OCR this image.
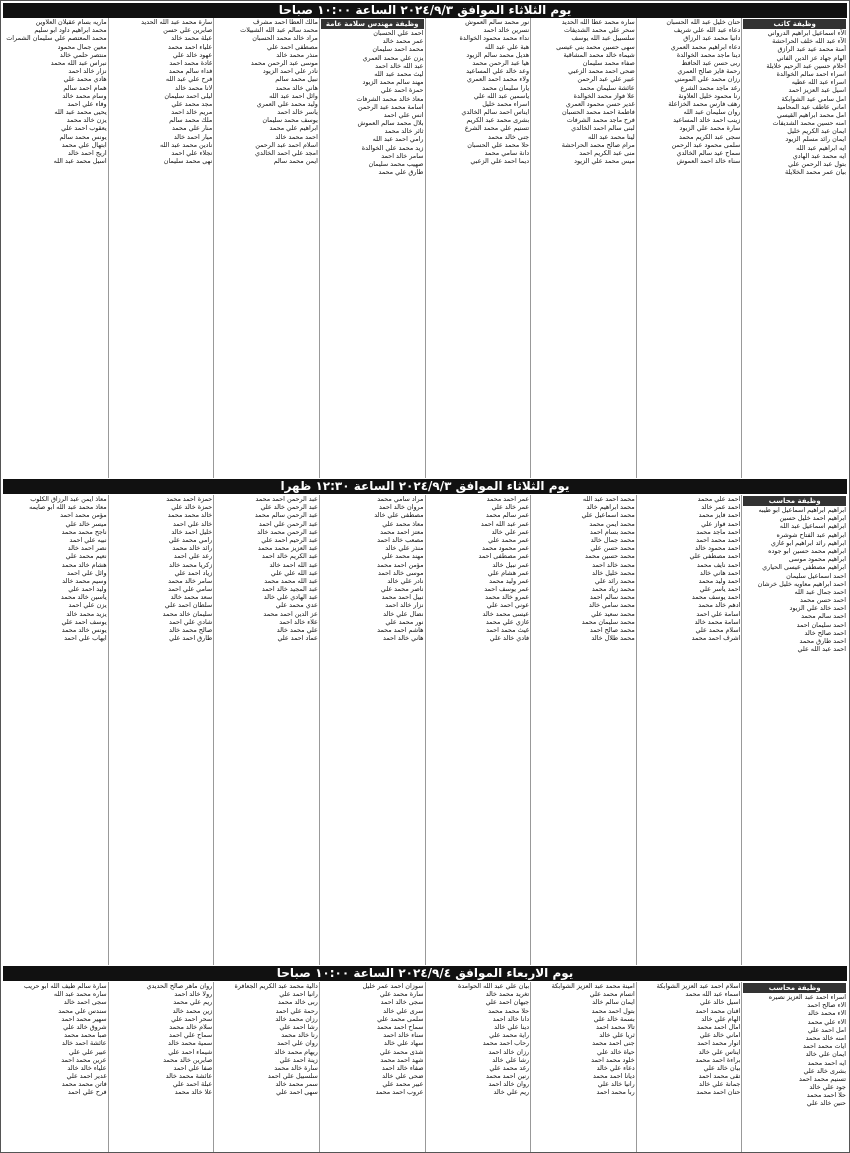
يوم الثلاثاء الموافق ٢٠٢٤/٩/٣ الساعة ١٠:٠٠ صباحا
وظيفة كاتب
الآء اسماعيل ابراهيم الدرواني
الآء عبد الله خلف الحراحشة
آمنة محمد عيد عبد الرازق
الهام جهاد عز الدين الفاني
احلام حسين عبد الرحيم خلايلة
اسراء احمد سالم الخوالدة
اسراء عبد الله عطيه
اسيل عبد العزيز احمد
امل سامي عيد الشوابكة
اماني عاطف عيد المحاميد
امل محمد ابراهيم القيسي
امنه حسين محمد الشديفات
ايمان عبد الكريم خليل
ايمان رائد مسلم الزيود
ايه ابراهيم عبد الله
ايه محمد عبد الهادي
بتول عبد الرحمن علي
بيان عمر محمد الخلايلة
حنان خليل عبد الله الحسبان
دعاء عبد الله علي شريف
دانيا محمد عبد الرزاق
دعاء ابراهيم محمد العمري
دينا ماجد محمد الخوالدة
ربى حسن عبد الحافظ
رحمة فايز صالح العمري
رزان محمد علي المومني
رغد ماجد محمد الشرع
رنا محمود خليل العلاونة
رهف فارس محمد الخزاعلة
روان سليمان عبد الله
زينب احمد خالد المساعيد
سارة محمد علي الزيود
سجى عبد الكريم محمد
سلمى محمود عبد الرحمن
سماح عيد سالم الخالدي
سناء خالد احمد العموش
ساره محمد عطا الله الحديد
سحر علي محمد الشديفات
سلسبيل عبد الله يوسف
سهى حسين محمد بني عيسى
شيماء خالد محمد المشاقبة
صفاء محمد سليمان
ضحى احمد محمد الزعبي
عبير علي عبد الرحمن
عائشة سليمان محمد
علا فواز محمد الخوالدة
غدير حسن محمود العمري
فاطمة احمد محمد الحسبان
فرح ماجد محمد الشرفات
لبنى سالم احمد الخالدي
لينا محمد عبد الله
مرام صالح محمد الحراحشة
منى عبد الكريم احمد
ميس محمد علي الزيود
نور محمد سالم العموش
نسرين خالد احمد
نداء محمد محمود الخوالدة
هبة علي عبد الله
هديل محمد سالم الزيود
هيا عبد الرحمن محمد
وعد خالد علي المساعيد
ولاء محمد احمد العمري
يارا سليمان محمد
ياسمين عبد الله علي
اسراء محمد خليل
ايناس احمد سالم الخالدي
بشرى محمد عبد الكريم
تسنيم علي محمد الشرع
جنى خالد محمد
حلا محمد علي الحسبان
دانة سامي محمد
ديما احمد علي الزعبي
وظيفة مهندس سلامة عامة
احمد علي الحسبان
عمر محمد خالد
محمد احمد سليمان
يزن علي محمد العمري
عبد الله خالد احمد
ليث محمد عبد الله
مهند سالم محمد الزيود
حمزة احمد علي
معاذ خالد محمد الشرفات
اسامة محمد عبد الرحمن
انس علي احمد
بلال محمد سالم العموش
ثائر خالد محمد
رامي احمد عبد الله
زيد محمد علي الخوالدة
سامر خالد احمد
صهيب محمد سليمان
طارق علي محمد
مالك العطا احمد مشرف
محمد سالم عبد الله الشبيلات
مراد خالد محمد الحسبان
مصطفى احمد علي
منذر محمد خالد
موسى عبد الرحمن محمد
نادر علي احمد الزيود
نبيل محمد سالم
هاني خالد محمد
وائل احمد عبد الله
وليد محمد علي العمري
ياسر خالد احمد
يوسف محمد سليمان
ابراهيم علي محمد
احمد محمد خالد
اسلام احمد عبد الرحمن
امجد علي احمد الخالدي
ايمن محمد سالم
سارة محمد عبد الله الحديد
صابرين علي حسن
عبلة محمد خالد
علياء احمد محمد
عهود خالد علي
غادة محمد احمد
فداء سالم محمد
فرح علي عبد الله
لانا محمد خالد
ليلى احمد سليمان
مجد محمد علي
مريم خالد احمد
ملك محمد سالم
منار علي محمد
ميار احمد خالد
نادين محمد عبد الله
نجلاء علي احمد
نهى محمد سليمان
ماريه بسام عقيلان العلاوين
محمد ابراهيم داود ابو سليم
محمد المعتصم علي سليمان الشمرات
معين جمال محمود
منتصر حلمي خالد
نبراس عبد الله محمد
نزار خالد احمد
هادي محمد علي
همام احمد سالم
وسام محمد خالد
وفاء علي احمد
يحيى محمد عبد الله
يزن خالد محمد
يعقوب احمد علي
يونس محمد سالم
ابتهال علي محمد
اريج احمد خالد
اسيل محمد عبد الله
يوم الثلاثاء الموافق ٢٠٢٤/٩/٣ الساعة ١٢:٣٠ ظهرا
وظيفة محاسب
ابراهيم ابراهيم اسماعيل ابو طيبه
ابراهيم احمد خليل حسين
ابراهيم اسماعيل عبد الله
ابراهيم عبد الفتاح شوشره
ابراهيم رائد ابراهيم ابو غازي
ابراهيم محمد حسين ابو جوده
ابراهيم محمود موسى
ابراهيم مصطفى عيسى الحياري
احمد اسماعيل سليمان
احمد ابراهيم معاويه خليل خرشان
احمد جمال عبد الله
احمد حسن محمد
احمد خالد علي الزيود
احمد سالم محمد
احمد سليمان احمد
احمد صالح خالد
احمد طارق محمد
احمد عبد الله علي
احمد علي محمد
احمد عمر خالد
احمد فايز محمد
احمد فواز علي
احمد ماجد محمد
احمد محمد احمد
احمد محمود خالد
احمد مصطفى علي
احمد نايف محمد
احمد هاني خالد
احمد وليد محمد
احمد ياسر علي
احمد يوسف محمد
ادهم خالد محمد
اسامة علي احمد
اسامة محمد خالد
اسلام محمد علي
اشرف احمد محمد
محمد احمد عبد الله
محمد ابراهيم خالد
محمد اسماعيل علي
محمد ايمن محمد
محمد بسام احمد
محمد جمال خالد
محمد حسن علي
محمد حسين محمد
محمد خالد احمد
محمد خليل خالد
محمد رائد علي
محمد زياد محمد
محمد سالم احمد
محمد سامي خالد
محمد سعيد علي
محمد سليمان محمد
محمد صالح احمد
محمد طلال خالد
عمر احمد محمد
عمر خالد علي
عمر سالم محمد
عمر عبد الله احمد
عمر علي خالد
عمر محمد علي
عمر محمود محمد
عمر مصطفى احمد
عمر نبيل خالد
عمر هشام علي
عمر وليد محمد
عمر يوسف احمد
عمرو خالد محمد
عوني احمد علي
عيسى محمد خالد
غازي علي محمد
غيث محمد احمد
فادي خالد علي
مراد سامي محمد
مروان خالد احمد
مصطفى علي خالد
معاذ محمد علي
معتز احمد محمد
مصعب خالد احمد
منذر علي خالد
مهند محمد علي
مؤمن احمد محمد
موسى خالد احمد
نادر علي خالد
ناصر محمد علي
نبيل احمد محمد
نزار خالد احمد
نضال علي خالد
نور محمد علي
هاشم احمد محمد
هاني خالد احمد
عبد الرحمن احمد محمد
عبد الرحمن خالد علي
عبد الرحمن سالم محمد
عبد الرحمن علي احمد
عبد الرحمن محمد خالد
عبد الرحيم احمد علي
عبد العزيز محمد محمد
عبد الكريم خالد احمد
عبد الله احمد خالد
عبد الله علي علي
عبد الله محمد محمد
عبد المجيد خالد احمد
عبد الهادي علي خالد
عدي محمد علي
عز الدين احمد محمد
علاء خالد احمد
علي محمد خالد
عماد احمد علي
حمزة احمد محمد
حمزة خالد علي
خالد محمد محمد
خالد علي احمد
خليل احمد خالد
رامي محمد علي
رائد خالد محمد
رعد علي احمد
زكريا محمد خالد
زياد احمد علي
سامر خالد محمد
سامي علي احمد
سعد محمد خالد
سلطان احمد علي
سليمان خالد محمد
شادي علي احمد
صالح محمد خالد
طارق احمد علي
معاذ ايمن عبد الرزاق الكلوب
معاذ محمد عبد الله ابو صايمه
مؤمن محمد احمد
ميسر خالد علي
ناجح محمد محمد
نبيه علي احمد
نصر احمد خالد
نعيم محمد علي
هشام خالد محمد
وائل علي احمد
وسيم محمد خالد
وليد احمد علي
ياسين خالد محمد
يزن علي احمد
يزيد محمد خالد
يوسف احمد علي
يونس خالد محمد
ايهاب علي احمد
يوم الاربعاء الموافق ٢٠٢٤/٩/٤ الساعة ١٠:٠٠ صباحا
وظيفة محاسب
اسراء احمد عبد العزيز نصيره
الاء صالح احمد
الاء محمد خالد
الاء علي محمد
امل احمد علي
امنه خالد محمد
ايات محمد احمد
ايمان علي خالد
ايه احمد محمد
بشرى خالد علي
تسنيم محمد احمد
جود علي خالد
حلا احمد محمد
حنين خالد علي
اسلام احمد عبد العزيز الشوابكة
اسماء عبد الله محمد
اسيل خالد علي
افنان محمد احمد
الهام علي خالد
امال احمد محمد
اماني خالد علي
انوار محمد احمد
ايناس علي خالد
براءة احمد محمد
بيان خالد علي
تقى محمد احمد
جمانة علي خالد
حنان احمد محمد
امينة محمد عبد العزيز الشوابكة
انسام محمد علي
ايمان سالم خالد
بتول احمد محمد
بسمة خالد علي
تالا محمد احمد
ثريا علي خالد
جنى احمد محمد
حياة خالد علي
خلود محمد احمد
دعاء علي خالد
ديانا احمد محمد
رانيا خالد علي
ربا محمد احمد
بيان علي عبد الله الحوامدة
تغريد محمد خالد
جيهان احمد علي
حلا محمد محمد
دانا خالد احمد
دينا علي خالد
راية محمد علي
رحاب احمد محمد
رزان خالد احمد
رشا علي خالد
رغد محمد علي
رنين احمد محمد
روان خالد احمد
ريم علي خالد
سوزان احمد عمر خليل
سارة محمد علي
سجى خالد احمد
سرى علي خالد
سلمى محمد علي
سماح احمد محمد
سناء خالد احمد
سهاد علي خالد
شذى محمد علي
شهد احمد محمد
صفاء خالد احمد
ضحى علي خالد
عبير محمد علي
عروب احمد محمد
دالية محمد عبد الكريم الجعافرة
رانيا احمد علي
ربى خالد محمد
رحمة علي احمد
رزان محمد خالد
رشا احمد علي
رنا خالد محمد
روان علي احمد
ريهام محمد خالد
زينة احمد علي
سارة خالد محمد
سلسبيل علي احمد
سمر محمد خالد
سهى احمد علي
روان ماهر صالح الحديدي
رولا خالد احمد
ريم علي محمد
زين محمد خالد
سحر احمد علي
سلام خالد محمد
سماح علي احمد
سمية محمد خالد
شيماء احمد علي
صابرين خالد محمد
صفا علي احمد
عائشة محمد خالد
عبلة احمد علي
علا خالد محمد
سارة سالم طيف الله ابو حريب
ساره محمد عبد الله
سجى احمد خالد
سندس علي محمد
سهير محمد احمد
شروق خالد علي
صبا محمد محمد
عائشة احمد خالد
عبير علي علي
عرين محمد احمد
علياء خالد خالد
غدير احمد علي
فاتن محمد محمد
فرح علي احمد
